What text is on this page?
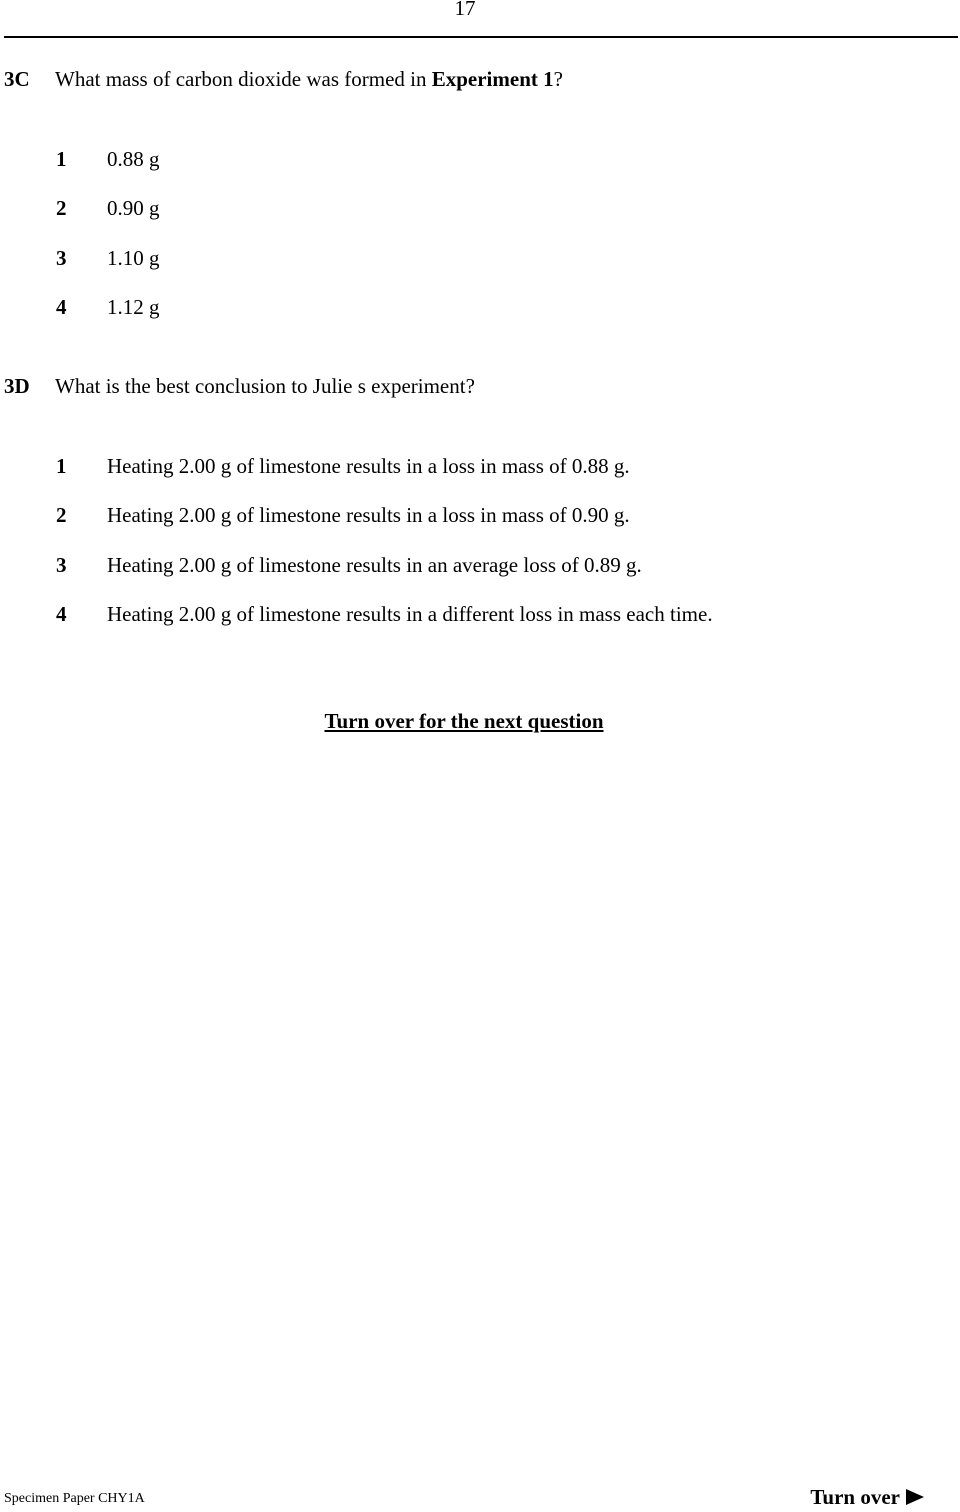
17
3C What mass of carbon dioxide was formed in Experiment 1?
1 0.88 g
2 0.90 g
3 1.10 g
4 1.12 g
3D What is the best conclusion to Julie s experiment?
1 Heating 2.00 g of limestone results in a loss in mass of 0.88 g.
2 Heating 2.00 g of limestone results in a loss in mass of 0.90 g.
3 Heating 2.00 g of limestone results in an average loss of 0.89 g.
4 Heating 2.00 g of limestone results in a different loss in mass each time.
Turn over for the next question
Specimen Paper CHY1A	Turn over
